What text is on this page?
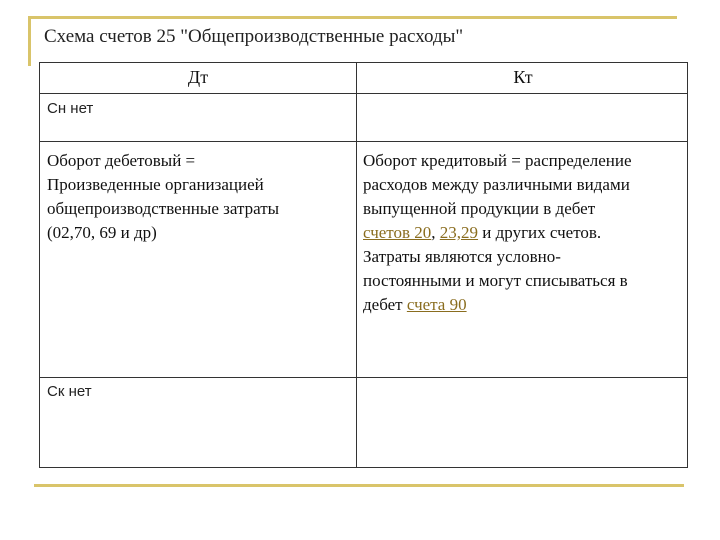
Схема счетов 25 "Общепроизводственные расходы"
Дт	Кт
Сн нет
Оборот дебетовый =
Произведенные организацией
общепроизводственные затраты
(02,70, 69 и др)
Оборот кредитовый = распределение
расходов между различными видами
выпущенной продукции в дебет
счетов 20, 23,29 и других счетов.
Затраты являются условно-
постоянными и могут списываться в
дебет счета 90
Ск нет
